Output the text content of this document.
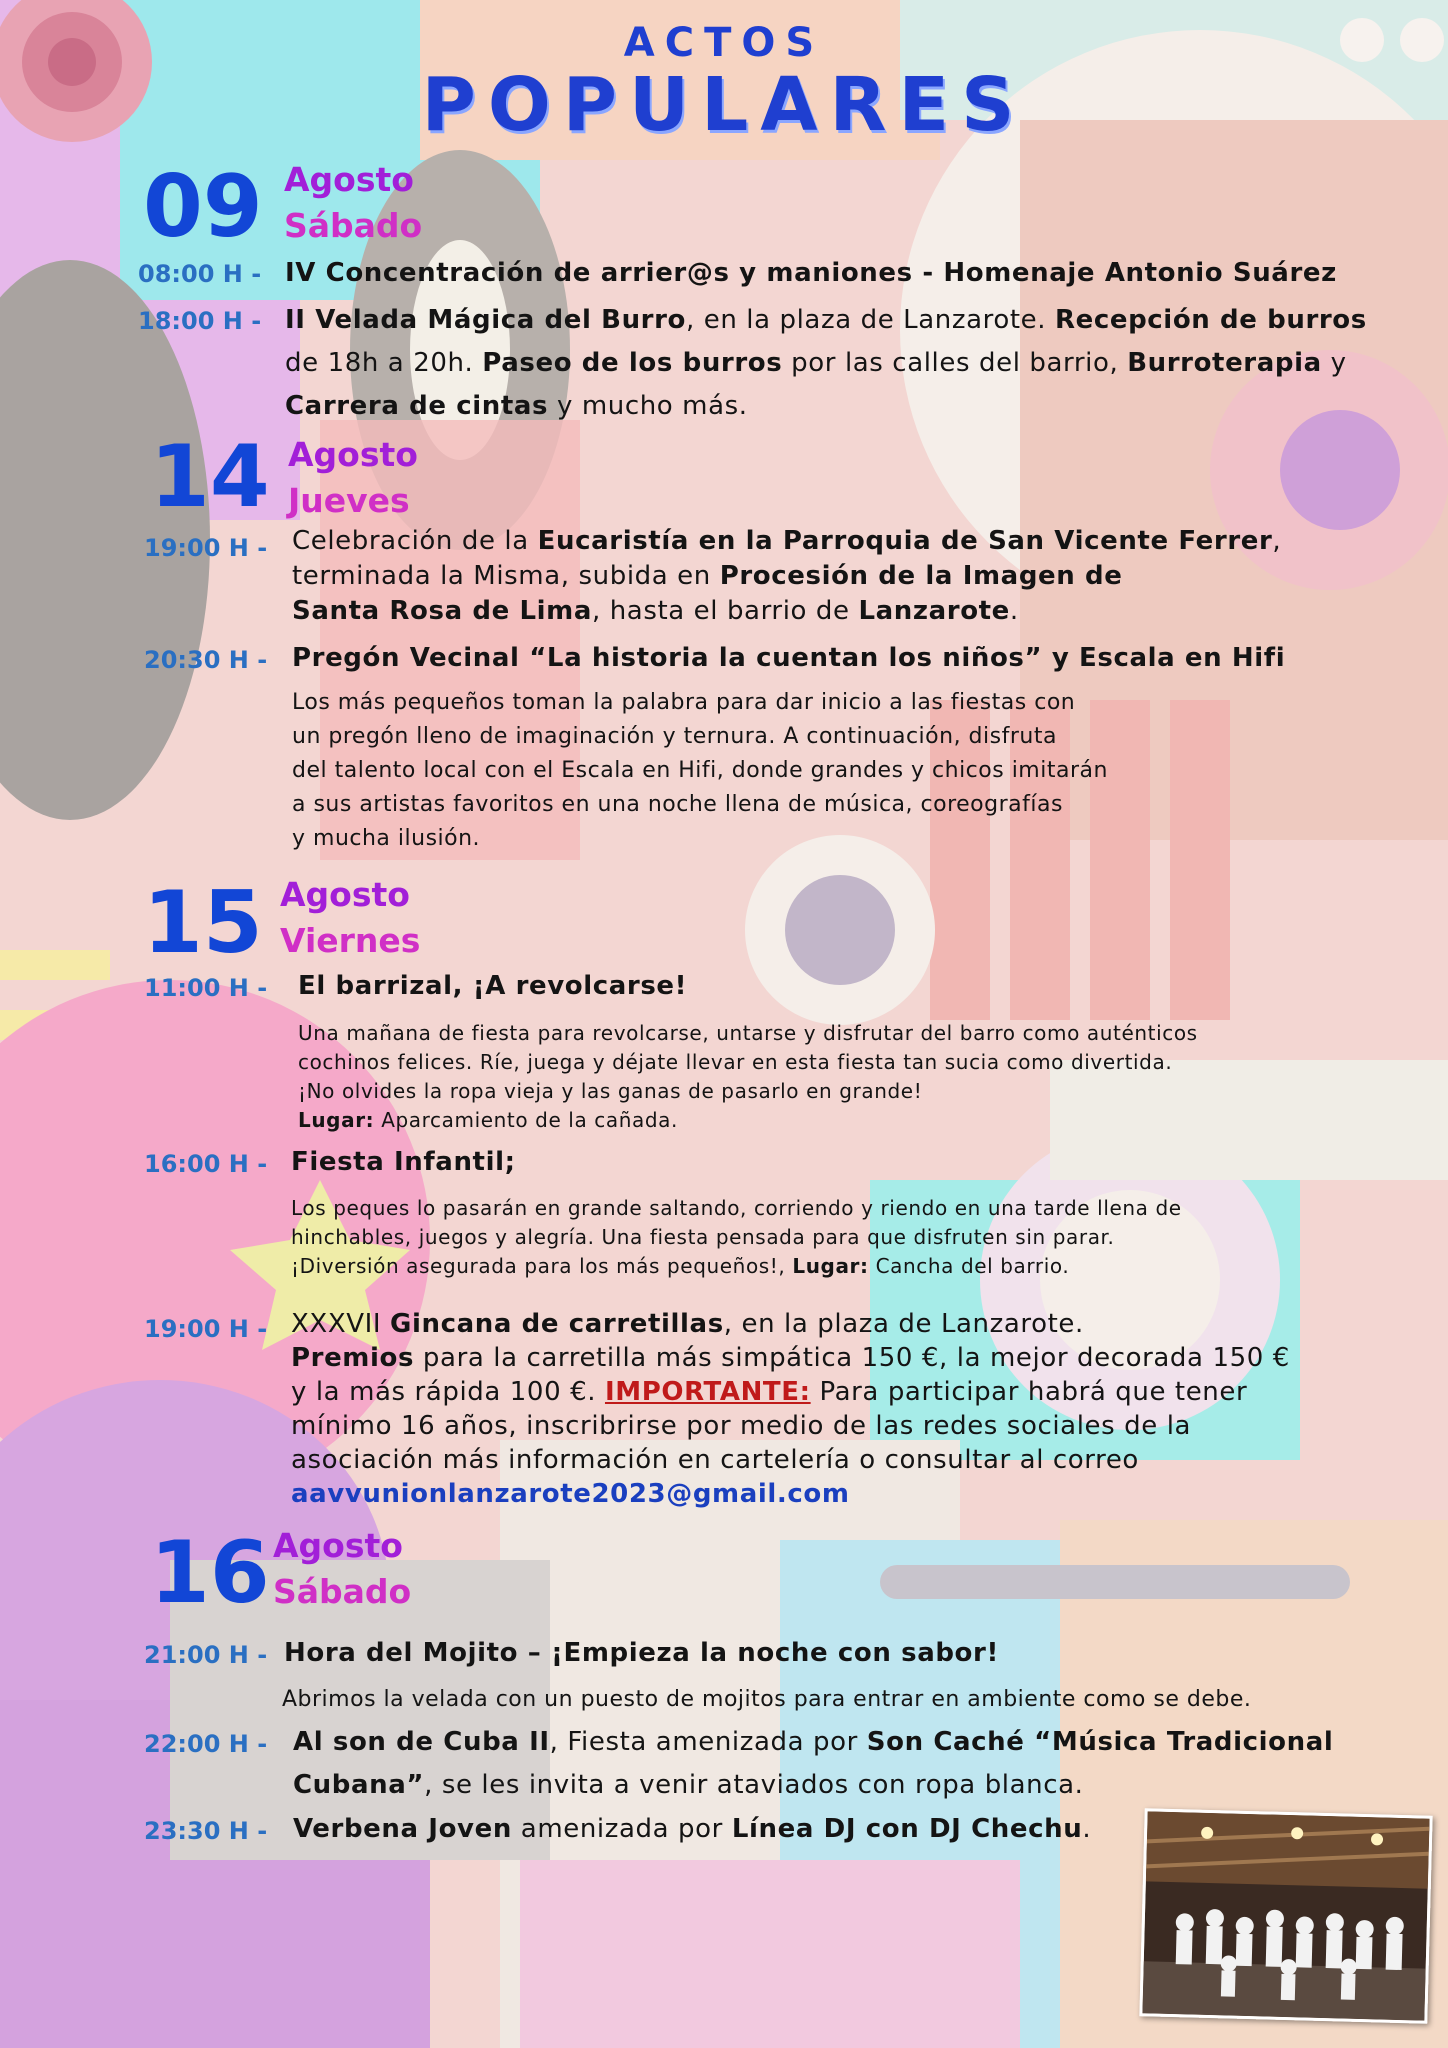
ACTOS
POPULARES
09 Agosto
Sábado
08:00 H - IV Concentración de arrier@s y maniones - Homenaje Antonio Suárez
18:00 H - II Velada Mágica del Burro, en la plaza de Lanzarote. Recepción de burros
de 18h a 20h. Paseo de los burros por las calles del barrio, Burroterapia y
Carrera de cintas y mucho más.
14 Agosto
Jueves
19:00 H - Celebración de la Eucaristía en la Parroquia de San Vicente Ferrer,
terminada la Misma, subida en Procesión de la Imagen de
Santa Rosa de Lima, hasta el barrio de Lanzarote.
20:30 H - Pregón Vecinal “La historia la cuentan los niños” y Escala en Hifi
Los más pequeños toman la palabra para dar inicio a las fiestas con
un pregón lleno de imaginación y ternura. A continuación, disfruta
del talento local con el Escala en Hifi, donde grandes y chicos imitarán
a sus artistas favoritos en una noche llena de música, coreografías
y mucha ilusión.
15 Agosto
Viernes
11:00 H - El barrizal, ¡A revolcarse!
Una mañana de fiesta para revolcarse, untarse y disfrutar del barro como auténticos
cochinos felices. Ríe, juega y déjate llevar en esta fiesta tan sucia como divertida.
¡No olvides la ropa vieja y las ganas de pasarlo en grande!
Lugar: Aparcamiento de la cañada.
16:00 H - Fiesta Infantil;
Los peques lo pasarán en grande saltando, corriendo y riendo en una tarde llena de
hinchables, juegos y alegría. Una fiesta pensada para que disfruten sin parar.
¡Diversión asegurada para los más pequeños!, Lugar: Cancha del barrio.
19:00 H - XXXVII Gincana de carretillas, en la plaza de Lanzarote.
Premios para la carretilla más simpática 150 €, la mejor decorada 150 €
y la más rápida 100 €. IMPORTANTE: Para participar habrá que tener
mínimo 16 años, inscribrirse por medio de las redes sociales de la
asociación más información en cartelería o consultar al correo
aavvunionlanzarote2023@gmail.com
16 Agosto
Sábado
21:00 H - Hora del Mojito – ¡Empieza la noche con sabor!
Abrimos la velada con un puesto de mojitos para entrar en ambiente como se debe.
22:00 H - Al son de Cuba II, Fiesta amenizada por Son Caché “Música Tradicional
Cubana”, se les invita a venir ataviados con ropa blanca.
23:30 H - Verbena Joven amenizada por Línea DJ con DJ Chechu.
